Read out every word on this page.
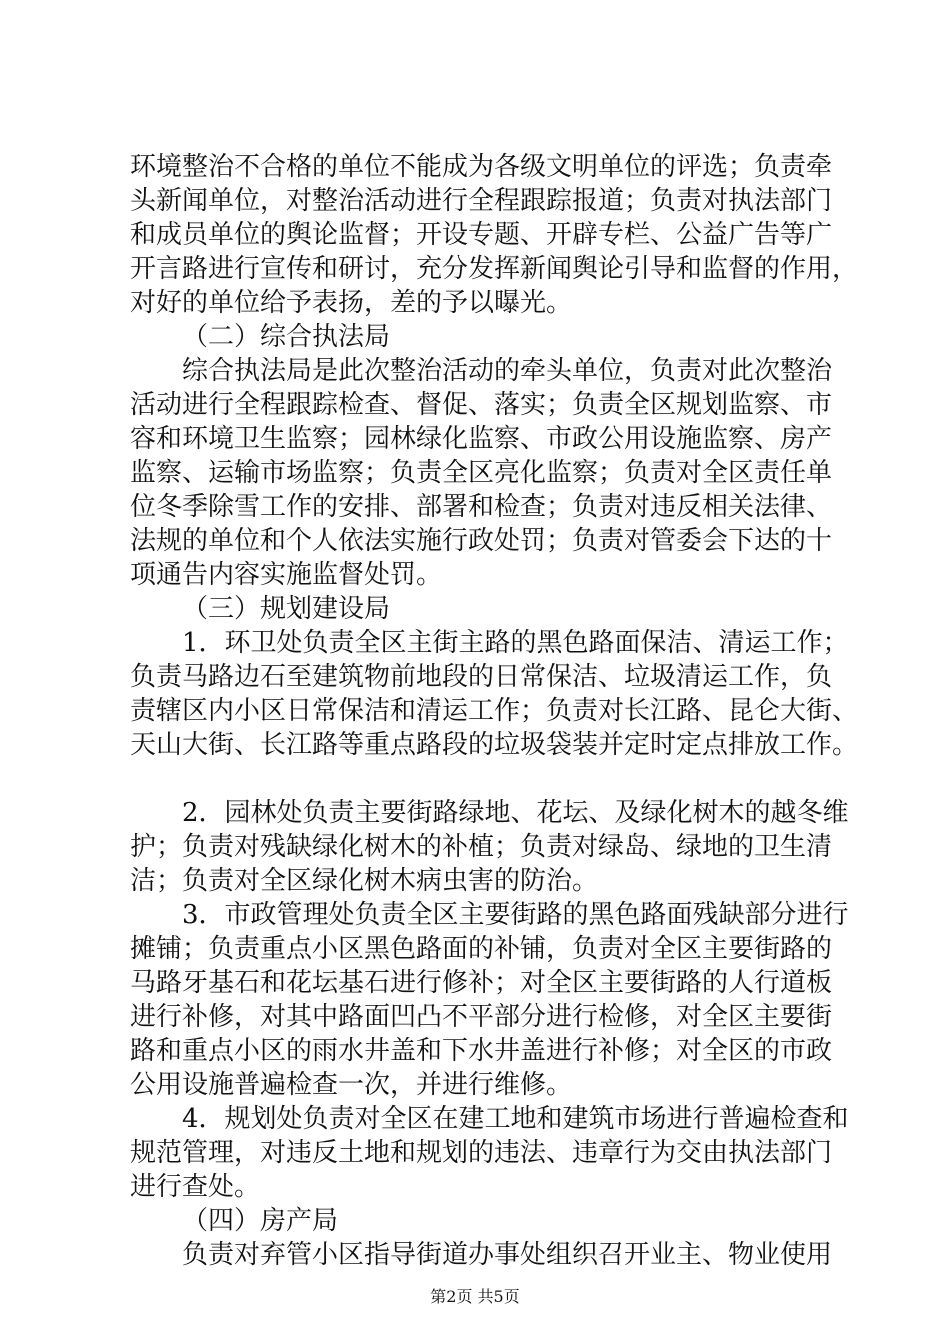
环境整治不合格的单位不能成为各级文明单位的评选；负责牵
头新闻单位，对整治活动进行全程跟踪报道；负责对执法部门
和成员单位的舆论监督；开设专题、开辟专栏、公益广告等广
开言路进行宣传和研讨，充分发挥新闻舆论引导和监督的作用，
对好的单位给予表扬，差的予以曝光。
（二）综合执法局
综合执法局是此次整治活动的牵头单位，负责对此次整治
活动进行全程跟踪检查、督促、落实；负责全区规划监察、市
容和环境卫生监察；园林绿化监察、市政公用设施监察、房产
监察、运输市场监察；负责全区亮化监察；负责对全区责任单
位冬季除雪工作的安排、部署和检查；负责对违反相关法律、
法规的单位和个人依法实施行政处罚；负责对管委会下达的十
项通告内容实施监督处罚。
（三）规划建设局
1．环卫处负责全区主街主路的黑色路面保洁、清运工作；
负责马路边石至建筑物前地段的日常保洁、垃圾清运工作，负
责辖区内小区日常保洁和清运工作；负责对长江路、昆仑大街、
天山大街、长江路等重点路段的垃圾袋装并定时定点排放工作。
2．园林处负责主要街路绿地、花坛、及绿化树木的越冬维
护；负责对残缺绿化树木的补植；负责对绿岛、绿地的卫生清
洁；负责对全区绿化树木病虫害的防治。
3．市政管理处负责全区主要街路的黑色路面残缺部分进行
摊铺；负责重点小区黑色路面的补铺，负责对全区主要街路的
马路牙基石和花坛基石进行修补；对全区主要街路的人行道板
进行补修，对其中路面凹凸不平部分进行检修，对全区主要街
路和重点小区的雨水井盖和下水井盖进行补修；对全区的市政
公用设施普遍检查一次，并进行维修。
4．规划处负责对全区在建工地和建筑市场进行普遍检查和
规范管理，对违反土地和规划的违法、违章行为交由执法部门
进行查处。
第2页 共5页
（四）房产局
负责对弃管小区指导街道办事处组织召开业主、物业使用
